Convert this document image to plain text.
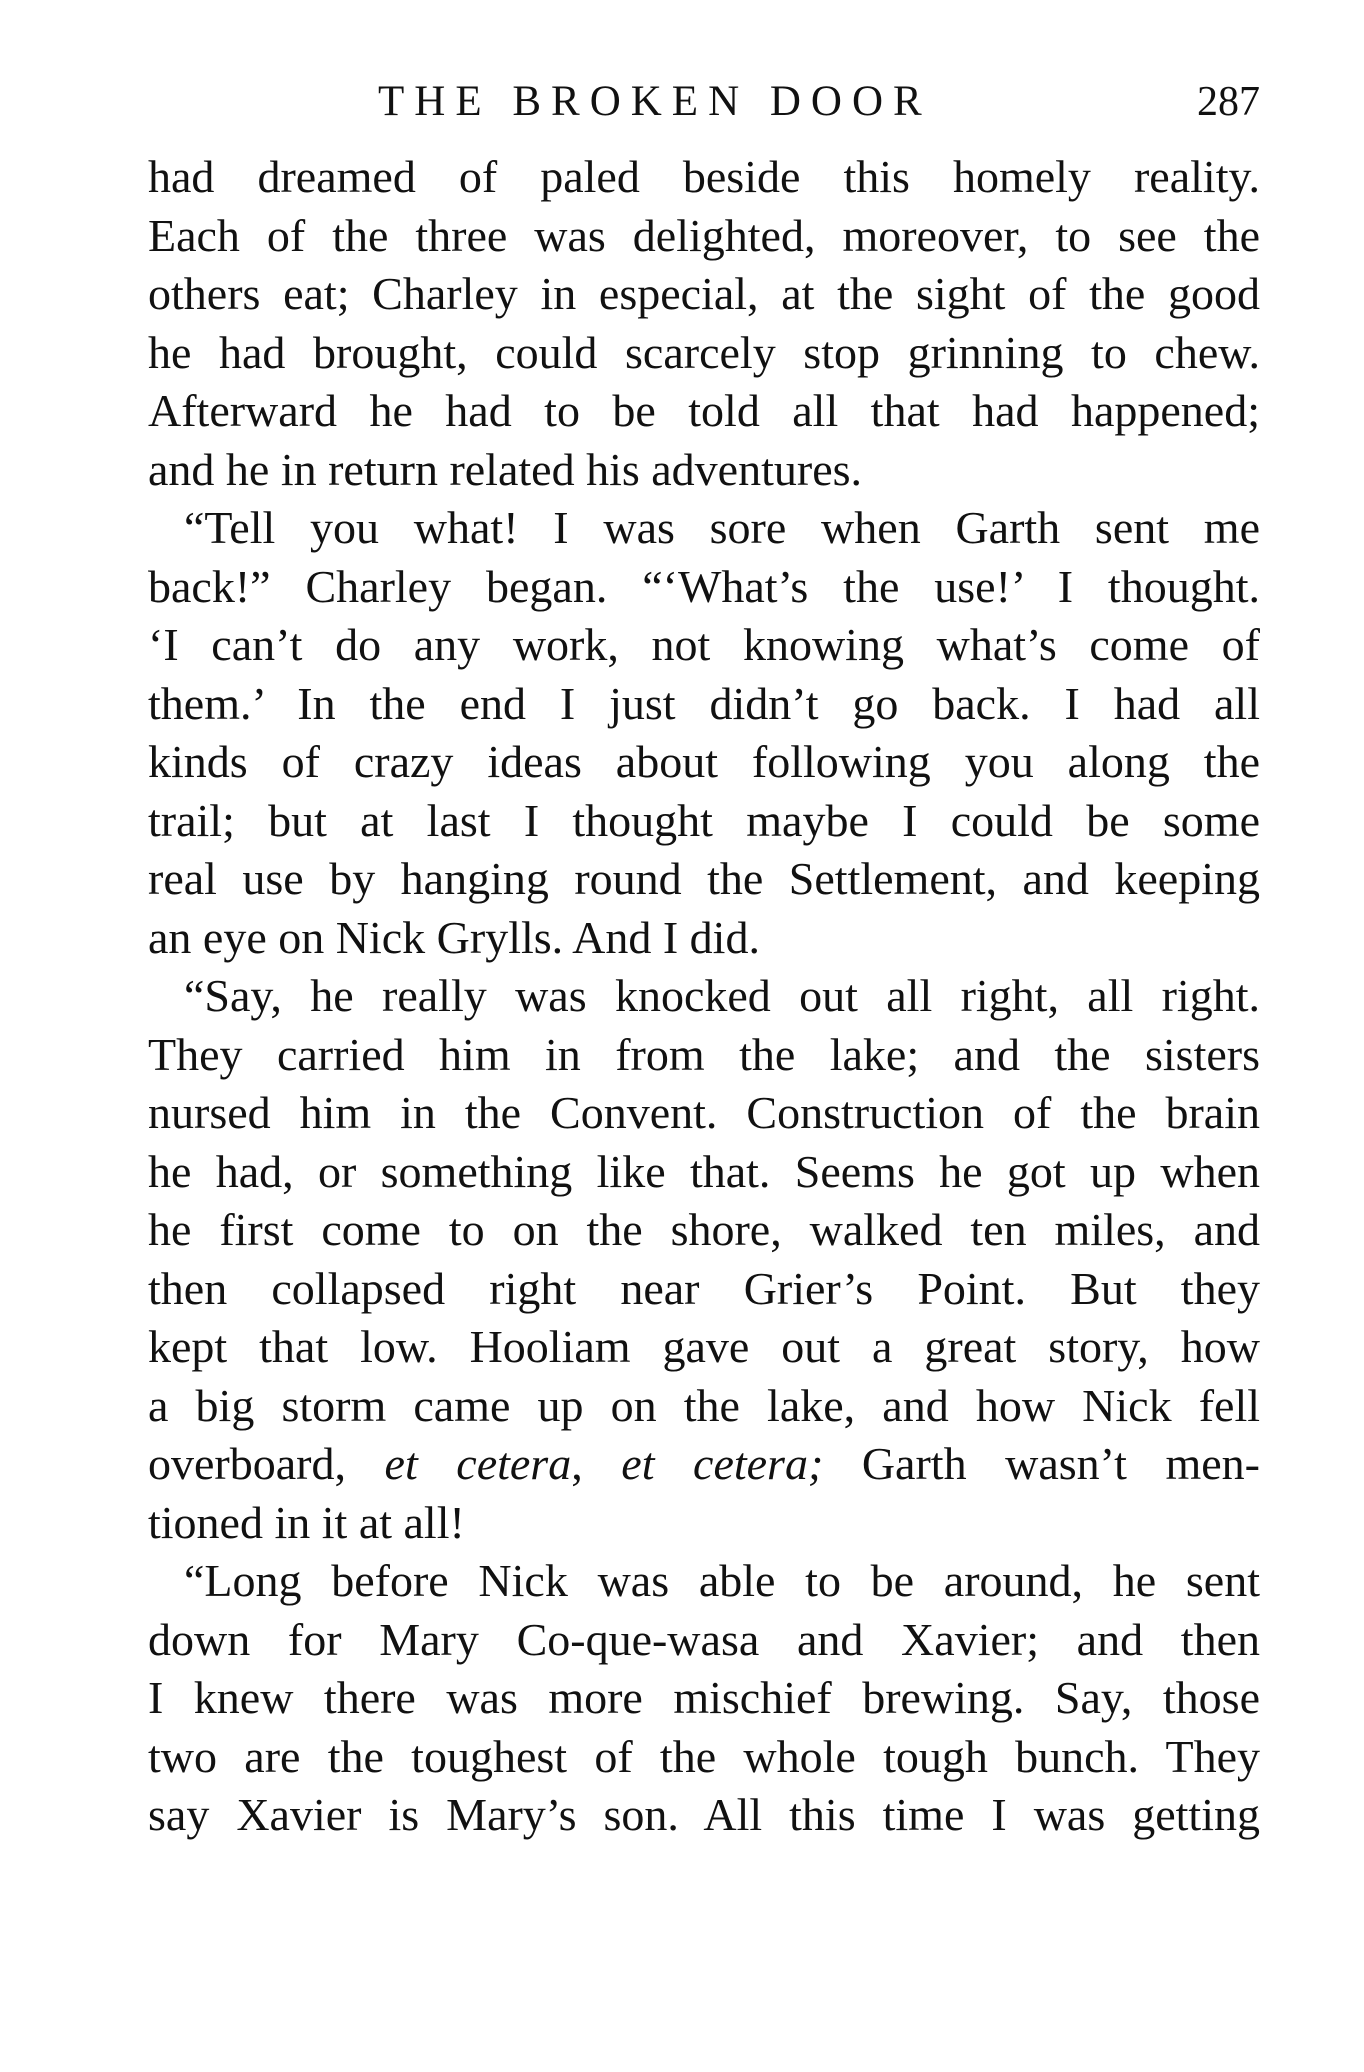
THE BROKEN DOOR	287
had dreamed of paled beside this homely reality.
Each of the three was delighted, moreover, to see the
others eat; Charley in especial, at the sight of the good
he had brought, could scarcely stop grinning to chew.
Afterward he had to be told all that had happened;
and he in return related his adventures.
“Tell you what! I was sore when Garth sent me
back!” Charley began. “‘What’s the use!’ I thought.
‘I can’t do any work, not knowing what’s come of
them.’ In the end I just didn’t go back. I had all
kinds of crazy ideas about following you along the
trail; but at last I thought maybe I could be some
real use by hanging round the Settlement, and keeping
an eye on Nick Grylls. And I did.
“Say, he really was knocked out all right, all right.
They carried him in from the lake; and the sisters
nursed him in the Convent. Construction of the brain
he had, or something like that. Seems he got up when
he first come to on the shore, walked ten miles, and
then collapsed right near Grier’s Point. But they
kept that low. Hooliam gave out a great story, how
a big storm came up on the lake, and how Nick fell
overboard, et cetera, et cetera; Garth wasn’t men-
tioned in it at all!
“Long before Nick was able to be around, he sent
down for Mary Co-que-wasa and Xavier; and then
I knew there was more mischief brewing. Say, those
two are the toughest of the whole tough bunch. They
say Xavier is Mary’s son. All this time I was getting
